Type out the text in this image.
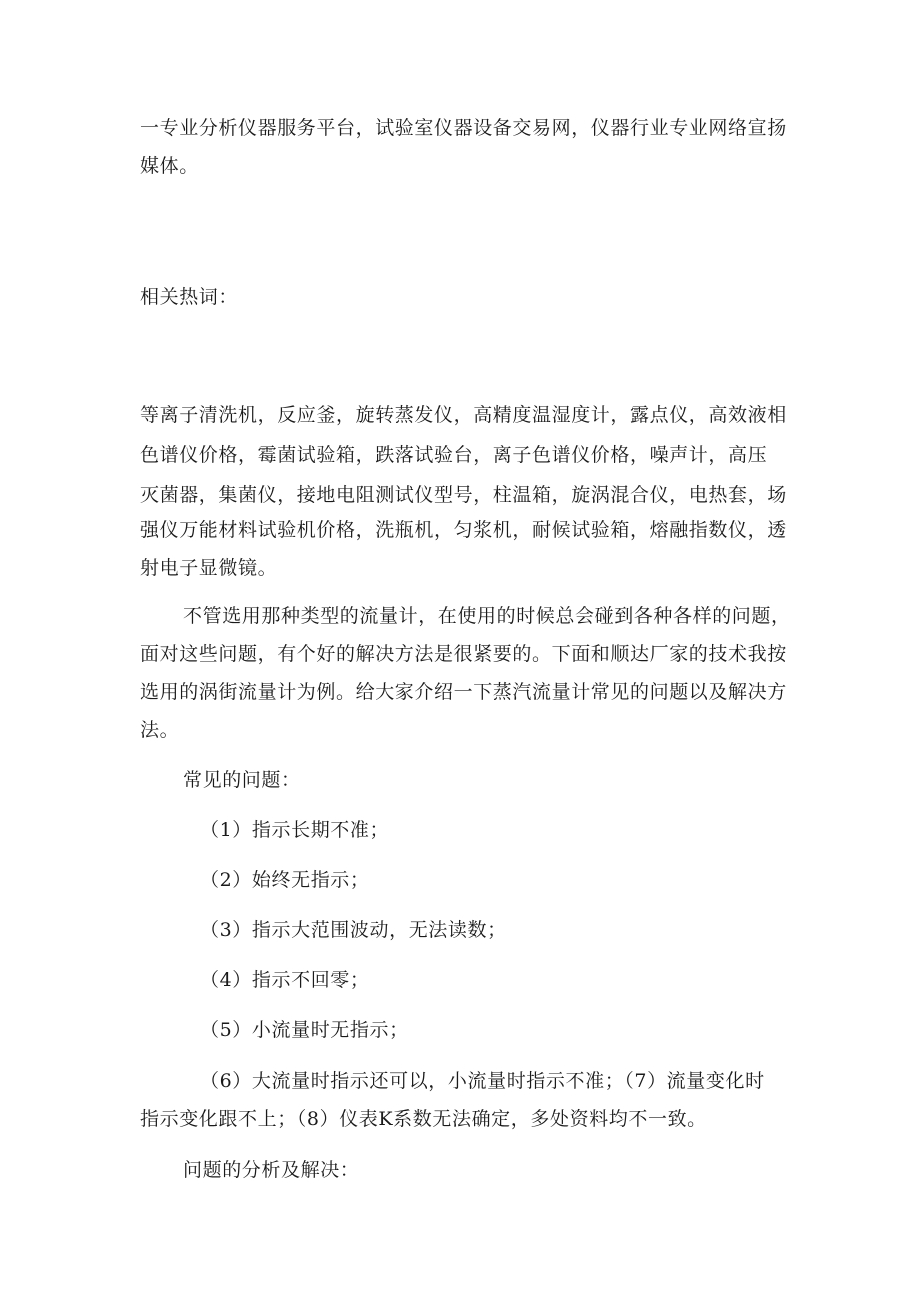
一专业分析仪器服务平台，试验室仪器设备交易网，仪器行业专业网络宣扬

媒体。

相关热词：

等离子清洗机，反应釜，旋转蒸发仪，高精度温湿度计，露点仪，高效液相

色谱仪价格，霉菌试验箱，跌落试验台，离子色谱仪价格，噪声计，高压

灭菌器，集菌仪，接地电阻测试仪型号，柱温箱，旋涡混合仪，电热套，场

强仪万能材料试验机价格，洗瓶机，匀浆机，耐候试验箱，熔融指数仪，透

射电子显微镜。

不管选用那种类型的流量计，在使用的时候总会碰到各种各样的问题，

面对这些问题，有个好的解决方法是很紧要的。下面和顺达厂家的技术我按

选用的涡街流量计为例。给大家介绍一下蒸汽流量计常见的问题以及解决方

法。

常见的问题：

（1）指示长期不准；

（2）始终无指示；

（3）指示大范围波动，无法读数；

（4）指示不回零；

（5）小流量时无指示；

（6）大流量时指示还可以，小流量时指示不准；（7）流量变化时

指示变化跟不上；（8）仪表K系数无法确定，多处资料均不一致。

问题的分析及解决：
